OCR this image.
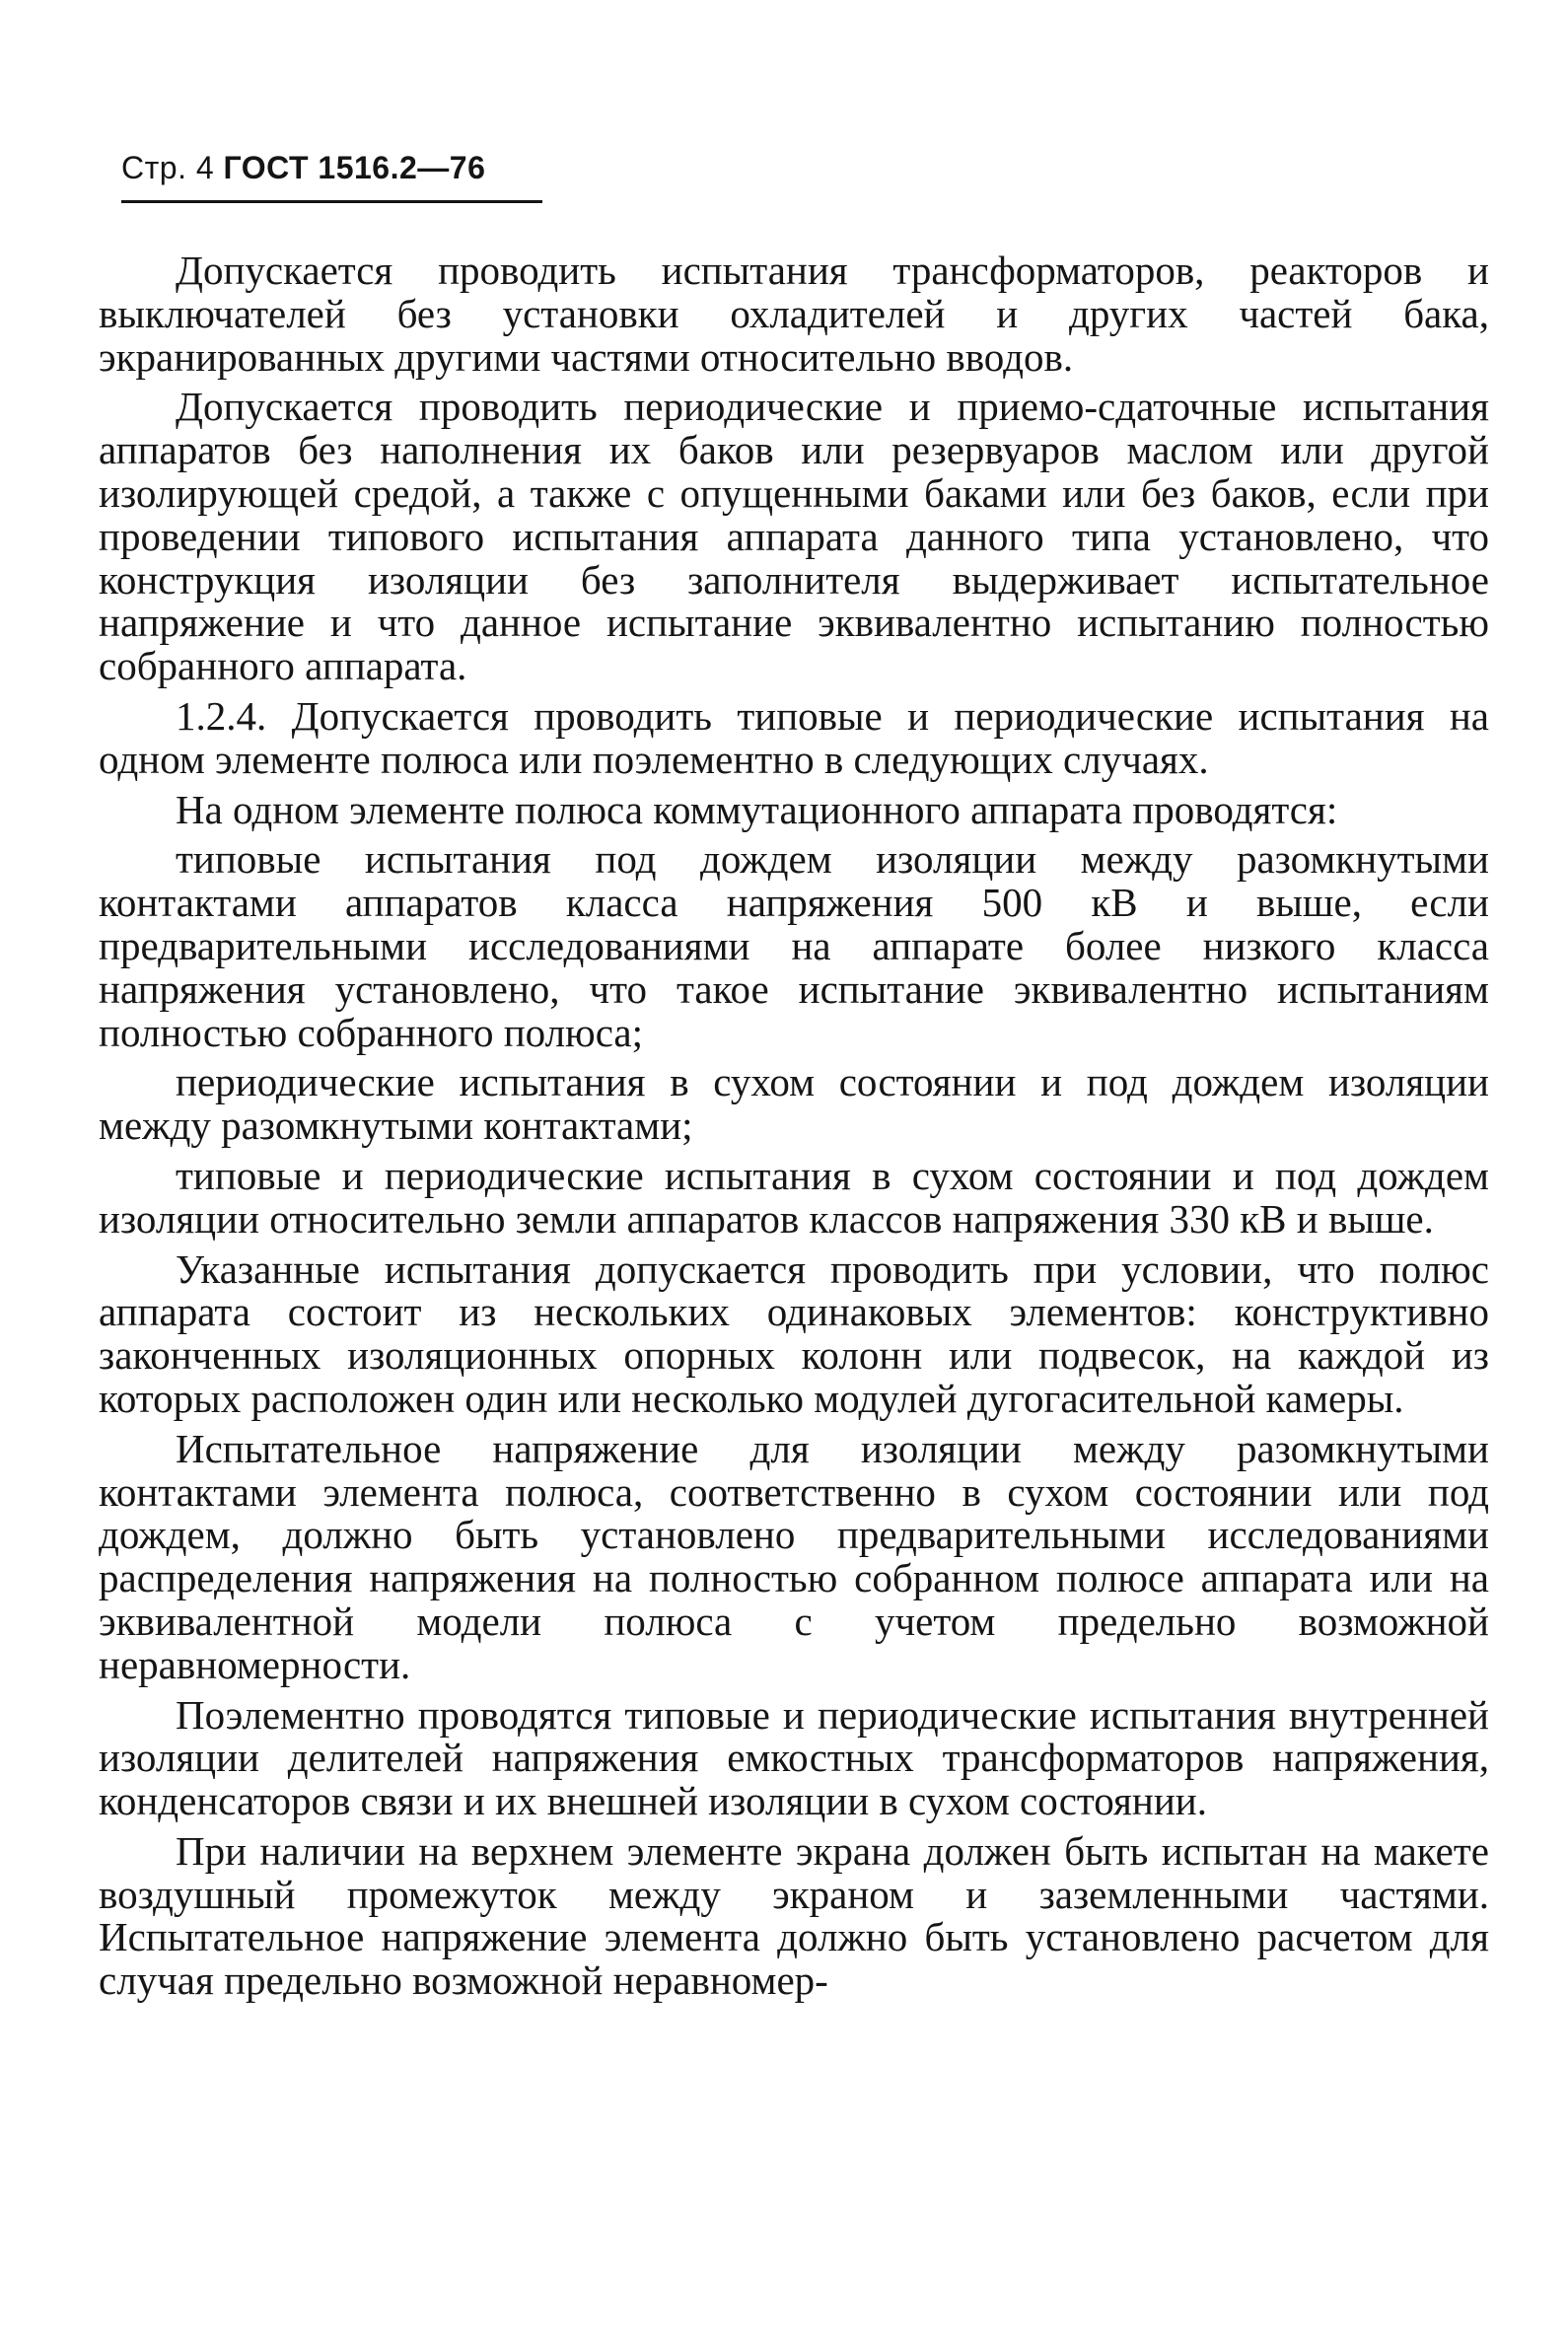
Стр. 4 ГОСТ 1516.2—76

Допускается проводить испытания трансформаторов, реакторов и выключателей без установки охладителей и других частей бака, экранированных другими частями относительно вводов.

Допускается проводить периодические и приемо-сдаточные испытания аппаратов без наполнения их баков или резервуаров маслом или другой изолирующей средой, а также с опущенными баками или без баков, если при проведении типового испытания аппарата данного типа установлено, что конструкция изоляции без заполнителя выдерживает испытательное напряжение и что данное испытание эквивалентно испытанию полностью собранного аппарата.

1.2.4. Допускается проводить типовые и периодические испытания на одном элементе полюса или поэлементно в следующих случаях.

На одном элементе полюса коммутационного аппарата проводятся:

типовые испытания под дождем изоляции между разомкнутыми контактами аппаратов класса напряжения 500 кВ и выше, если предварительными исследованиями на аппарате более низкого класса напряжения установлено, что такое испытание эквивалентно испытаниям полностью собранного полюса;

периодические испытания в сухом состоянии и под дождем изоляции между разомкнутыми контактами;

типовые и периодические испытания в сухом состоянии и под дождем изоляции относительно земли аппаратов классов напряжения 330 кВ и выше.

Указанные испытания допускается проводить при условии, что полюс аппарата состоит из нескольких одинаковых элементов: конструктивно законченных изоляционных опорных колонн или подвесок, на каждой из которых расположен один или несколько модулей дугогасительной камеры.

Испытательное напряжение для изоляции между разомкнутыми контактами элемента полюса, соответственно в сухом состоянии или под дождем, должно быть установлено предварительными исследованиями распределения напряжения на полностью собранном полюсе аппарата или на эквивалентной модели полюса с учетом предельно возможной неравномерности.

Поэлементно проводятся типовые и периодические испытания внутренней изоляции делителей напряжения емкостных трансформаторов напряжения, конденсаторов связи и их внешней изоляции в сухом состоянии.

При наличии на верхнем элементе экрана должен быть испытан на макете воздушный промежуток между экраном и заземленными частями. Испытательное напряжение элемента должно быть установлено расчетом для случая предельно возможной неравномер-
